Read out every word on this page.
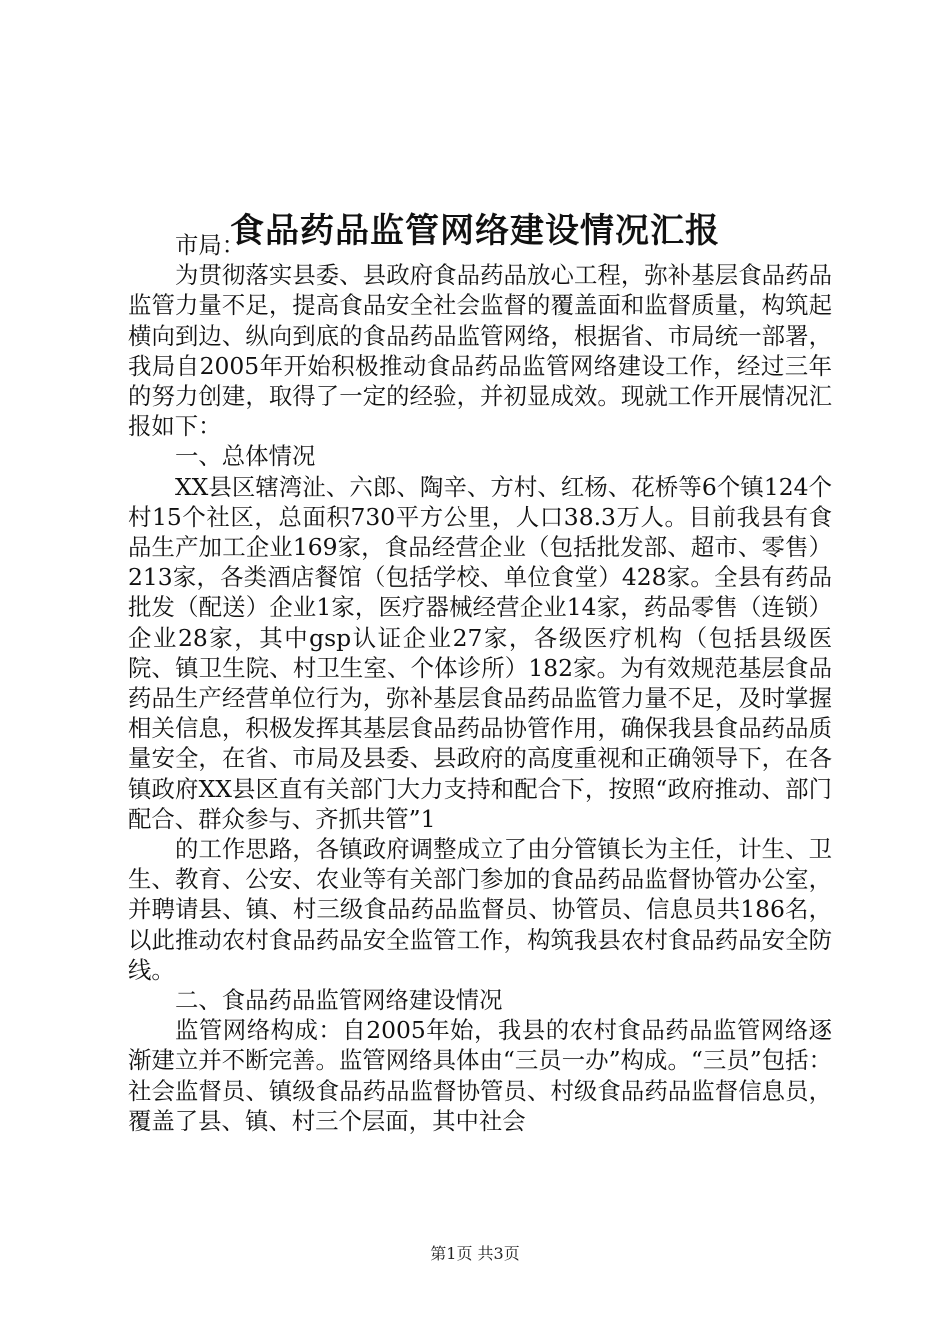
食品药品监管网络建设情况汇报

市局：

为贯彻落实县委、县政府食品药品放心工程，弥补基层食品药品监管力量不足，提高食品安全社会监督的覆盖面和监督质量，构筑起横向到边、纵向到底的食品药品监管网络，根据省、市局统一部署，我局自2005年开始积极推动食品药品监管网络建设工作，经过三年的努力创建，取得了一定的经验，并初显成效。现就工作开展情况汇报如下：

一、总体情况

XX县区辖湾沚、六郎、陶辛、方村、红杨、花桥等6个镇124个村15个社区，总面积730平方公里，人口38.3万人。目前我县有食品生产加工企业169家，食品经营企业（包括批发部、超市、零售）213家，各类酒店餐馆（包括学校、单位食堂）428家。全县有药品批发（配送）企业1家，医疗器械经营企业14家，药品零售（连锁）企业28家，其中gsp认证企业27家，各级医疗机构（包括县级医院、镇卫生院、村卫生室、个体诊所）182家。为有效规范基层食品药品生产经营单位行为，弥补基层食品药品监管力量不足，及时掌握相关信息，积极发挥其基层食品药品协管作用，确保我县食品药品质量安全，在省、市局及县委、县政府的高度重视和正确领导下，在各镇政府XX县区直有关部门大力支持和配合下，按照“政府推动、部门配合、群众参与、齐抓共管”1

的工作思路，各镇政府调整成立了由分管镇长为主任，计生、卫生、教育、公安、农业等有关部门参加的食品药品监督协管办公室，并聘请县、镇、村三级食品药品监督员、协管员、信息员共186名，以此推动农村食品药品安全监管工作，构筑我县农村食品药品安全防线。

二、食品药品监管网络建设情况

监管网络构成：自2005年始，我县的农村食品药品监管网络逐渐建立并不断完善。监管网络具体由“三员一办”构成。“三员”包括：社会监督员、镇级食品药品监督协管员、村级食品药品监督信息员，覆盖了县、镇、村三个层面，其中社会

第1页 共3页
